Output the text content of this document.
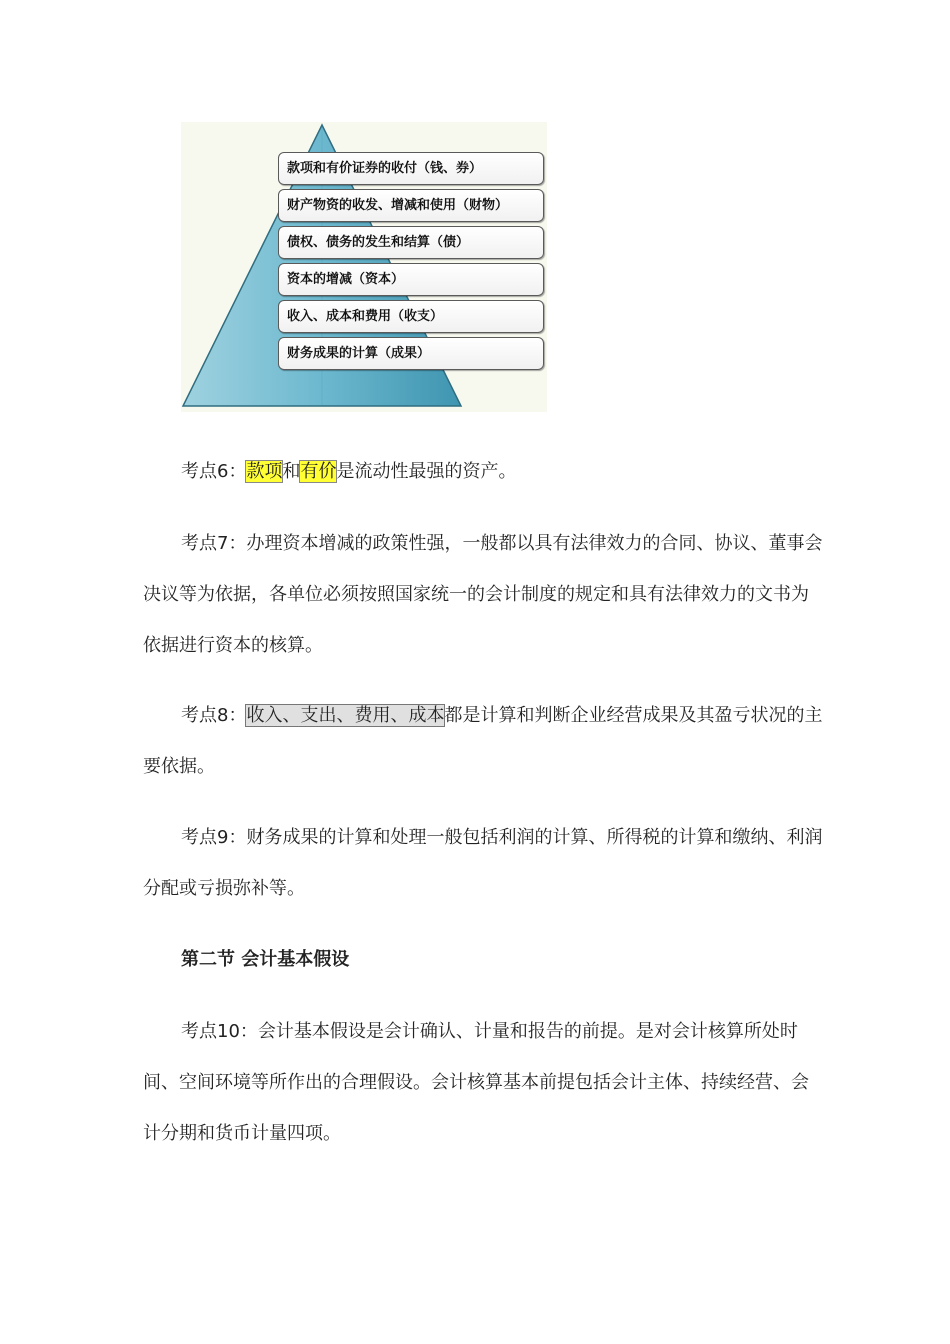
款项和有价证券的收付（钱、券）
财产物资的收发、增减和使用（财物）
债权、债务的发生和结算（债）
资本的增减（资本）
收入、成本和费用（收支）
财务成果的计算（成果）

考点6：款项和有价是流动性最强的资产。

考点7：办理资本增减的政策性强，一般都以具有法律效力的合同、协议、董事会决议等为依据，各单位必须按照国家统一的会计制度的规定和具有法律效力的文书为依据进行资本的核算。

考点8：收入、支出、费用、成本都是计算和判断企业经营成果及其盈亏状况的主要依据。

考点9：财务成果的计算和处理一般包括利润的计算、所得税的计算和缴纳、利润分配或亏损弥补等。

第二节 会计基本假设

考点10：会计基本假设是会计确认、计量和报告的前提。是对会计核算所处时间、空间环境等所作出的合理假设。会计核算基本前提包括会计主体、持续经营、会计分期和货币计量四项。
